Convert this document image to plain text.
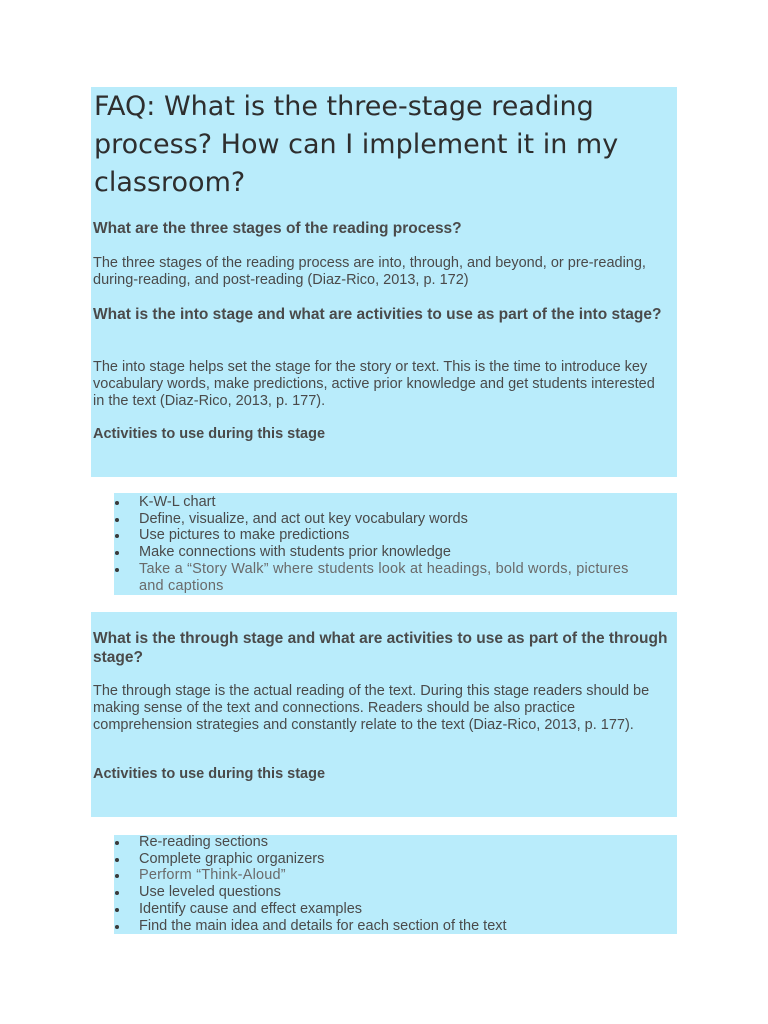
FAQ: What is the three-stage reading process? How can I implement it in my classroom?
What are the three stages of the reading process?

The three stages of the reading process are into, through, and beyond, or pre-reading, during-reading, and post-reading (Diaz-Rico, 2013, p. 172)

What is the into stage and what are activities to use as part of the into stage?

The into stage helps set the stage for the story or text. This is the time to introduce key vocabulary words, make predictions, active prior knowledge and get students interested in the text (Diaz-Rico, 2013, p. 177).

Activities to use during this stage

K-W-L chart
Define, visualize, and act out key vocabulary words
Use pictures to make predictions
Make connections with students prior knowledge
Take a “Story Walk” where students look at headings, bold words, pictures and captions
What is the through stage and what are activities to use as part of the through stage?

The through stage is the actual reading of the text. During this stage readers should be making sense of the text and connections. Readers should be also practice comprehension strategies and constantly relate to the text (Diaz-Rico, 2013, p. 177).

Activities to use during this stage

Re-reading sections
Complete graphic organizers
Perform “Think-Aloud”
Use leveled questions
Identify cause and effect examples
Find the main idea and details for each section of the text
